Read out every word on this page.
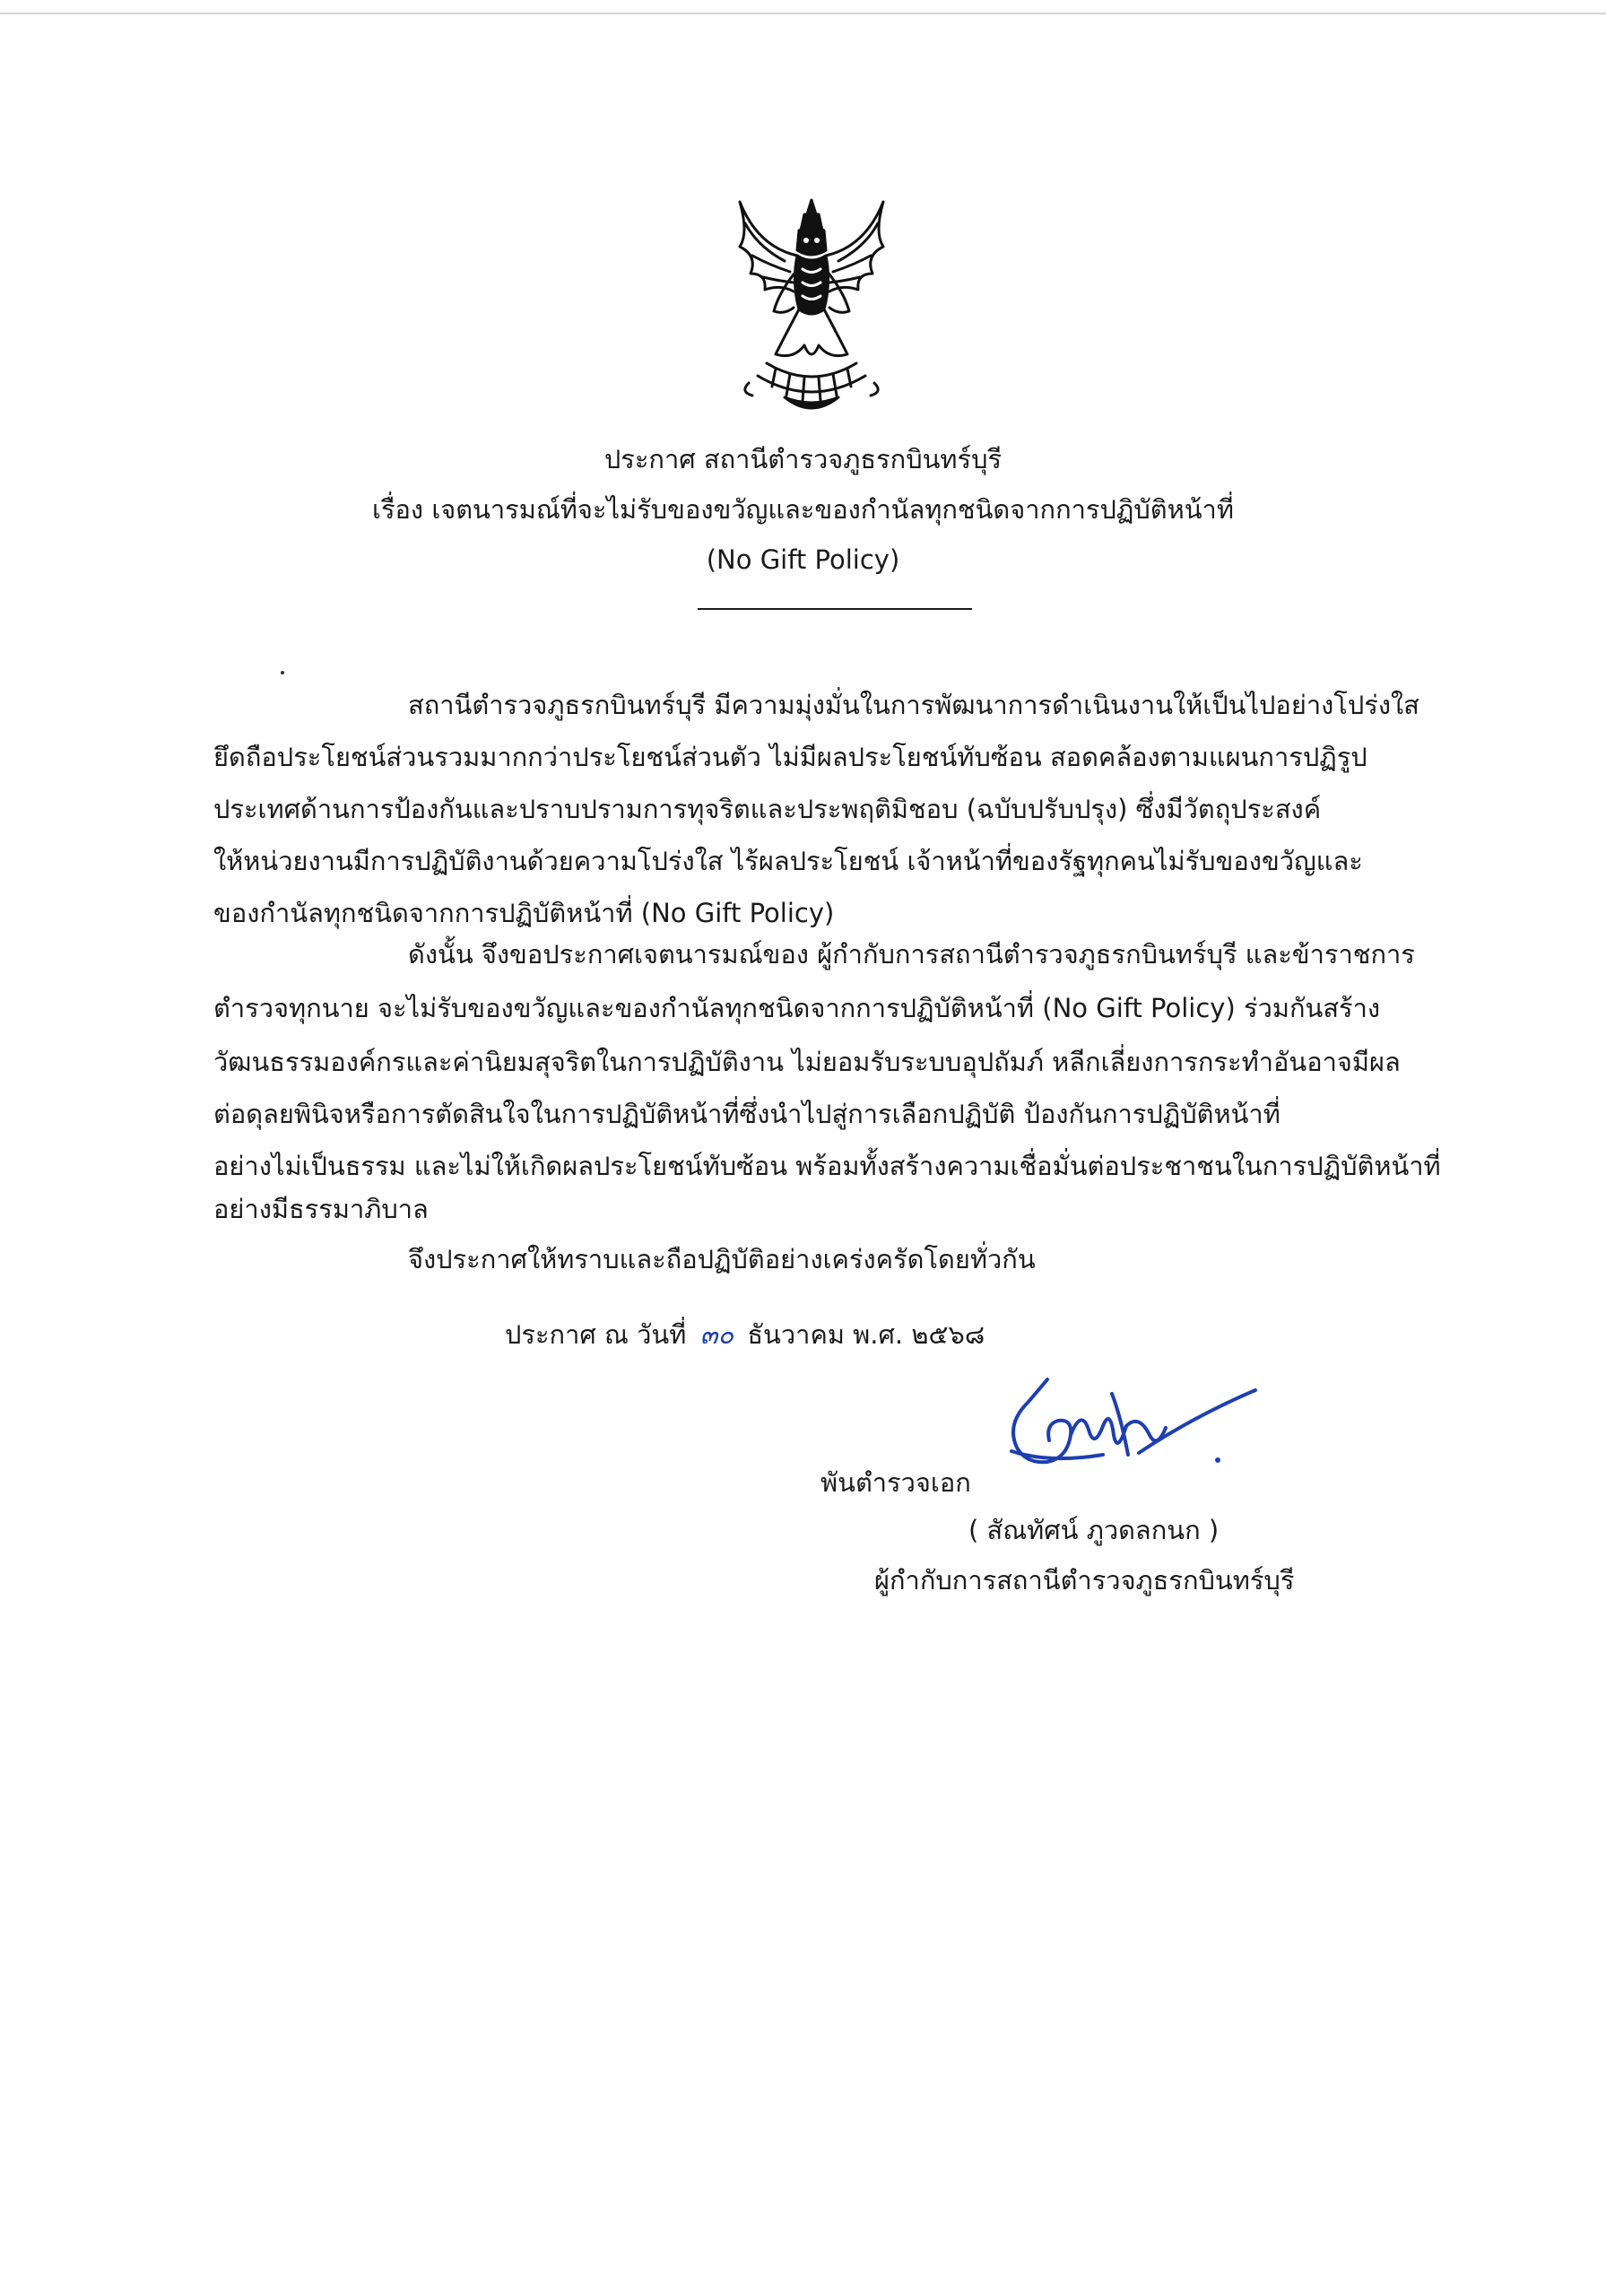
ประกาศ สถานีตำรวจภูธรกบินทร์บุรี
เรื่อง เจตนารมณ์ที่จะไม่รับของขวัญและของกำนัลทุกชนิดจากการปฏิบัติหน้าที่
(No Gift Policy)
สถานีตำรวจภูธรกบินทร์บุรี มีความมุ่งมั่นในการพัฒนาการดำเนินงานให้เป็นไปอย่างโปร่งใส
ยึดถือประโยชน์ส่วนรวมมากกว่าประโยชน์ส่วนตัว ไม่มีผลประโยชน์ทับซ้อน สอดคล้องตามแผนการปฏิรูป
ประเทศด้านการป้องกันและปราบปรามการทุจริตและประพฤติมิชอบ (ฉบับปรับปรุง) ซึ่งมีวัตถุประสงค์
ให้หน่วยงานมีการปฏิบัติงานด้วยความโปร่งใส ไร้ผลประโยชน์ เจ้าหน้าที่ของรัฐทุกคนไม่รับของขวัญและ
ของกำนัลทุกชนิดจากการปฏิบัติหน้าที่ (No Gift Policy)
ดังนั้น จึงขอประกาศเจตนารมณ์ของ ผู้กำกับการสถานีตำรวจภูธรกบินทร์บุรี และข้าราชการ
ตำรวจทุกนาย จะไม่รับของขวัญและของกำนัลทุกชนิดจากการปฏิบัติหน้าที่ (No Gift Policy) ร่วมกันสร้าง
วัฒนธรรมองค์กรและค่านิยมสุจริตในการปฏิบัติงาน ไม่ยอมรับระบบอุปถัมภ์ หลีกเลี่ยงการกระทำอันอาจมีผล
ต่อดุลยพินิจหรือการตัดสินใจในการปฏิบัติหน้าที่ซึ่งนำไปสู่การเลือกปฏิบัติ ป้องกันการปฏิบัติหน้าที่
อย่างไม่เป็นธรรม และไม่ให้เกิดผลประโยชน์ทับซ้อน พร้อมทั้งสร้างความเชื่อมั่นต่อประชาชนในการปฏิบัติหน้าที่
อย่างมีธรรมาภิบาล
จึงประกาศให้ทราบและถือปฏิบัติอย่างเคร่งครัดโดยทั่วกัน
ประกาศ ณ วันที่ ๓๐ ธันวาคม พ.ศ. ๒๕๖๘
พันตำรวจเอก
( สัณทัศน์ ภูวดลกนก )
ผู้กำกับการสถานีตำรวจภูธรกบินทร์บุรี
